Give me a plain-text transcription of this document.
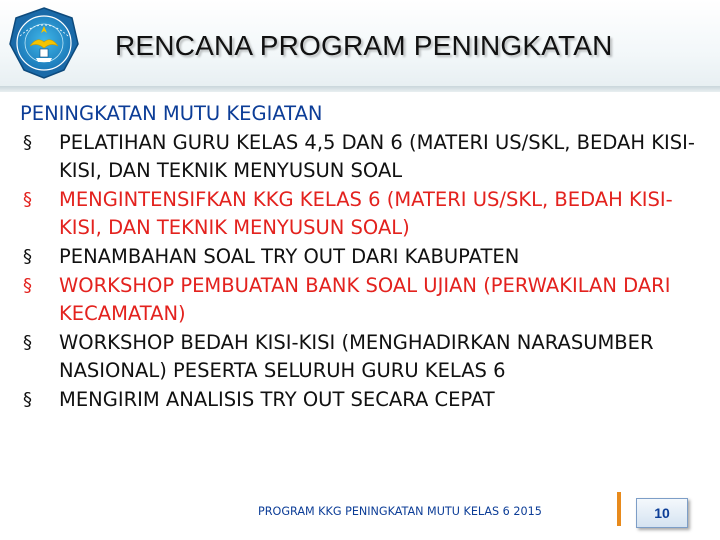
RENCANA PROGRAM PENINGKATAN
PENINGKATAN MUTU KEGIATAN
§ PELATIHAN GURU KELAS 4,5 DAN 6 (MATERI US/SKL, BEDAH KISI-KISI, DAN TEKNIK MENYUSUN SOAL
§ MENGINTENSIFKAN KKG KELAS 6 (MATERI US/SKL, BEDAH KISI-KISI, DAN TEKNIK MENYUSUN SOAL)
§ PENAMBAHAN SOAL TRY OUT DARI KABUPATEN
§ WORKSHOP PEMBUATAN BANK SOAL UJIAN (PERWAKILAN DARI KECAMATAN)
§ WORKSHOP BEDAH KISI-KISI (MENGHADIRKAN NARASUMBER NASIONAL) PESERTA SELURUH GURU KELAS 6
§ MENGIRIM ANALISIS TRY OUT SECARA CEPAT
PROGRAM KKG PENINGKATAN MUTU KELAS 6 2015	10
